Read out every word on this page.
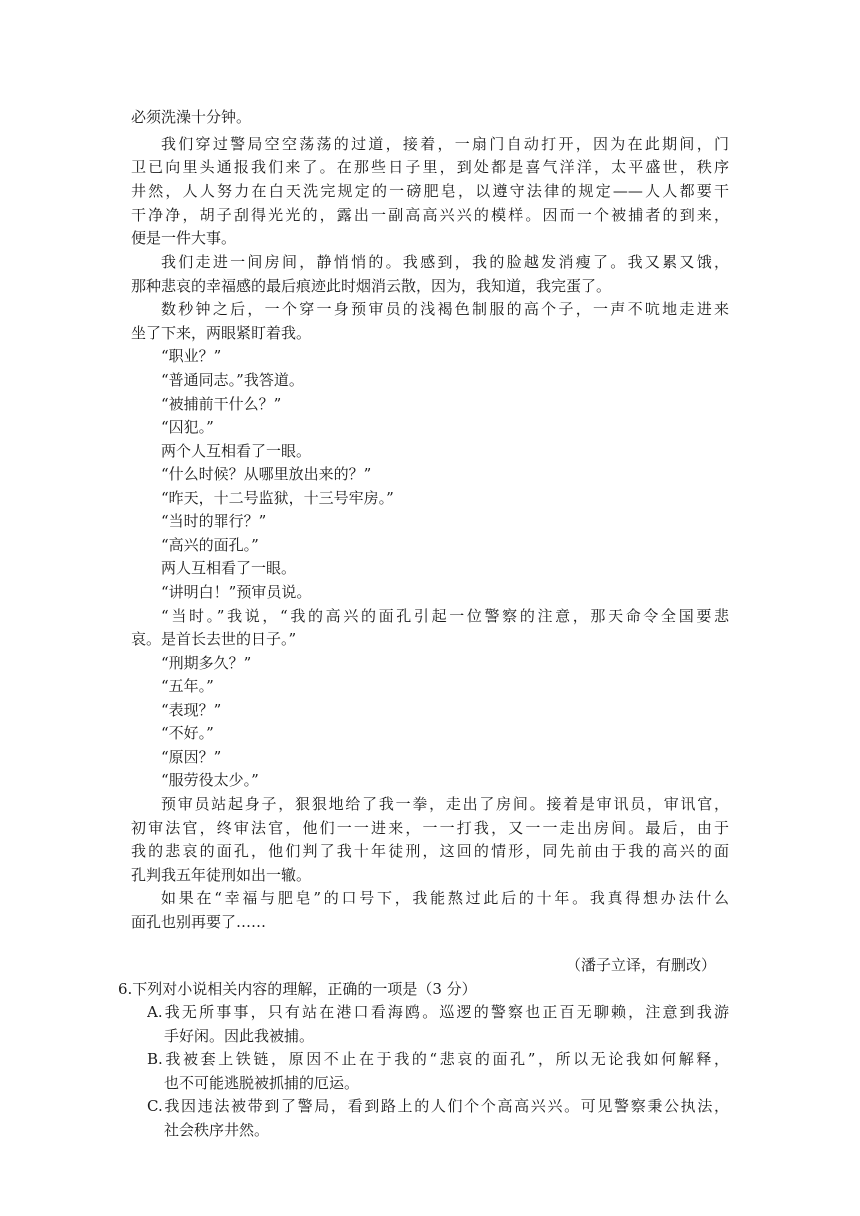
必须洗澡十分钟。
我们穿过警局空空荡荡的过道，接着，一扇门自动打开，因为在此期间，门
卫已向里头通报我们来了。在那些日子里，到处都是喜气洋洋，太平盛世，秩序
井然，人人努力在白天洗完规定的一磅肥皂，以遵守法律的规定——人人都要干
干净净，胡子刮得光光的，露出一副高高兴兴的模样。因而一个被捕者的到来，
便是一件大事。
我们走进一间房间，静悄悄的。我感到，我的脸越发消瘦了。我又累又饿，
那种悲哀的幸福感的最后痕迹此时烟消云散，因为，我知道，我完蛋了。
数秒钟之后，一个穿一身预审员的浅褐色制服的高个子，一声不吭地走进来
坐了下来，两眼紧盯着我。
“职业？”
“普通同志。”我答道。
“被捕前干什么？”
“囚犯。”
两个人互相看了一眼。
“什么时候？从哪里放出来的？”
“昨天，十二号监狱，十三号牢房。”
“当时的罪行？”
“高兴的面孔。”
两人互相看了一眼。
“讲明白！”预审员说。
“当时。”我说，“我的高兴的面孔引起一位警察的注意，那天命令全国要悲
哀。是首长去世的日子。”
“刑期多久？”
“五年。”
“表现？”
“不好。”
“原因？”
“服劳役太少。”
预审员站起身子，狠狠地给了我一拳，走出了房间。接着是审讯员，审讯官，
初审法官，终审法官，他们一一进来，一一打我，又一一走出房间。最后，由于
我的悲哀的面孔，他们判了我十年徒刑，这回的情形，同先前由于我的高兴的面
孔判我五年徒刑如出一辙。
如果在“幸福与肥皂”的口号下，我能熬过此后的十年。我真得想办法什么
面孔也别再要了……
（潘子立译，有删改）
6.下列对小说相关内容的理解，正确的一项是（3 分）
A.我无所事事，只有站在港口看海鸥。巡逻的警察也正百无聊赖，注意到我游
手好闲。因此我被捕。
B.我被套上铁链，原因不止在于我的“悲哀的面孔”，所以无论我如何解释，
也不可能逃脱被抓捕的厄运。
C.我因违法被带到了警局，看到路上的人们个个高高兴兴。可见警察秉公执法，
社会秩序井然。
